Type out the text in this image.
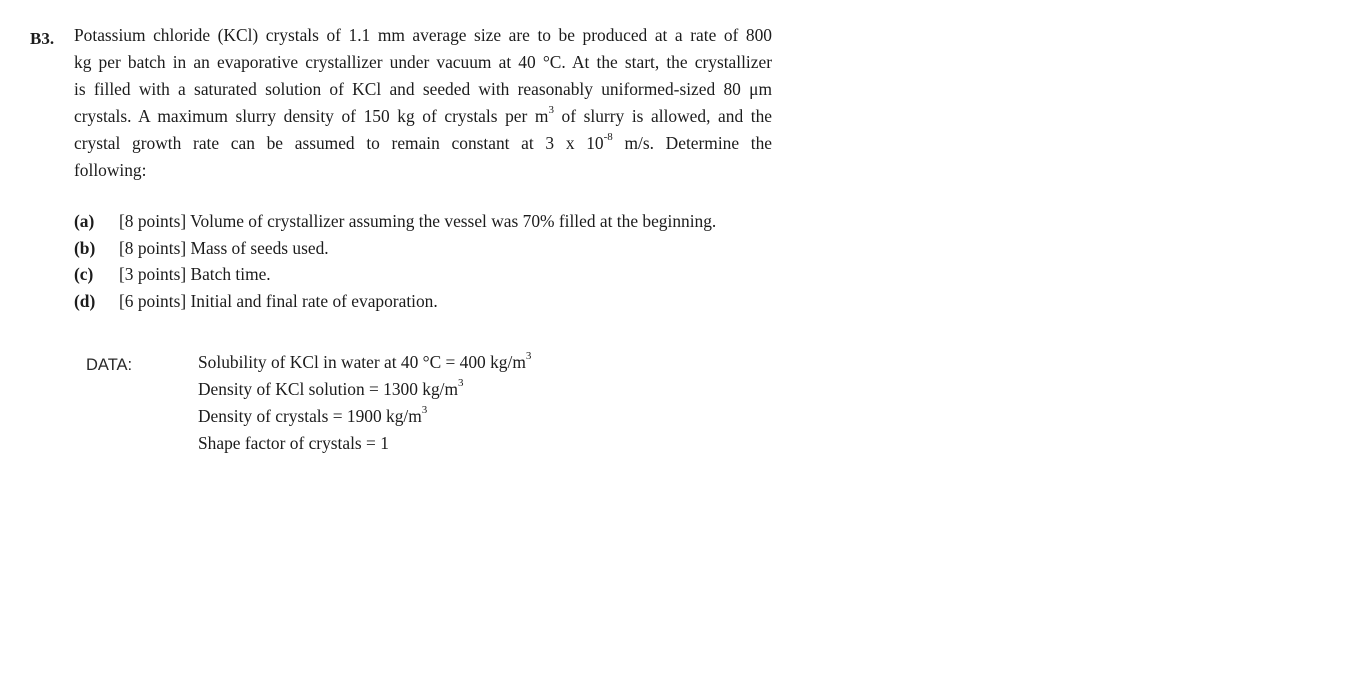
B3. Potassium chloride (KCl) crystals of 1.1 mm average size are to be produced at a rate of 800
kg per batch in an evaporative crystallizer under vacuum at 40 °C. At the start, the crystallizer
is filled with a saturated solution of KCl and seeded with reasonably uniformed-sized 80 μm
crystals. A maximum slurry density of 150 kg of crystals per $m^3$ of slurry is allowed, and the
crystal growth rate can be assumed to remain constant at 3 x $10^{-8}$ m/s. Determine the
following:
(a) [8 points] Volume of crystallizer assuming the vessel was 70% filled at the beginning.
(b) [8 points] Mass of seeds used.
(c) [3 points] Batch time.
(d) [6 points] Initial and final rate of evaporation.
DATA:	Solubility of KCl in water at 40 °C = 400 $kg/m^3$
Density of KCl solution = 1300 $kg/m^3$
Density of crystals = 1900 $kg/m^3$
Shape factor of crystals = 1
